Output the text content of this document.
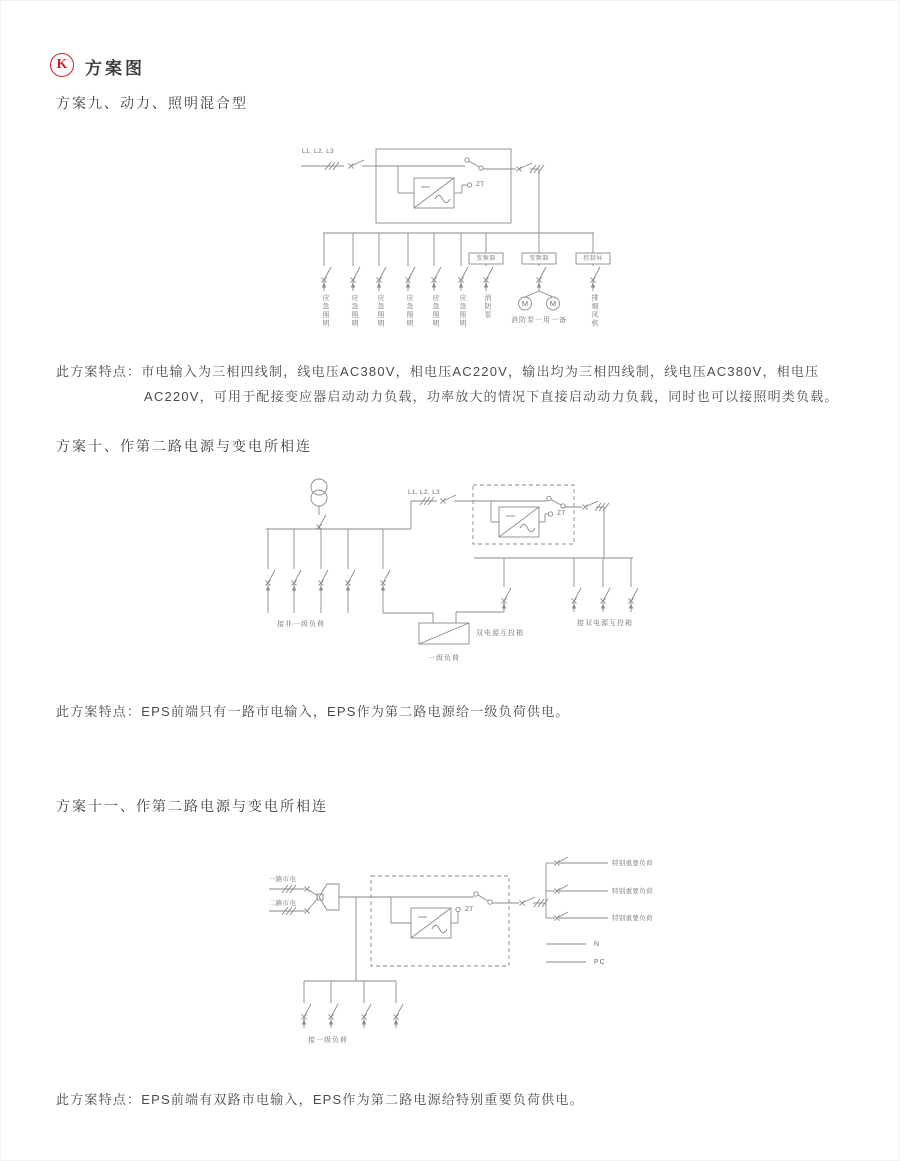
K 方案图
方案九、动力、照明混合型
L1, L2, L3
ZT
变频器	变频器	控制屏
应急照明	应急照明	应急照明	应急照明	应急照明	应急照明	消防泵	M	M
消防泵一用一备	排烟风机
此方案特点：市电输入为三相四线制，线电压AC380V，相电压AC220V，输出均为三相四线制，线电压AC380V，相电压
AC220V，可用于配接变应器启动动力负载，功率放大的情况下直接启动动力负载，同时也可以接照明类负载。
方案十、作第二路电源与变电所相连
L1, L2, L3
ZT
接非一级负荷
双电源互投箱
一级负荷
接双电源互投箱
此方案特点：EPS前端只有一路市电输入，EPS作为第二路电源给一级负荷供电。
方案十一、作第二路电源与变电所相连
一路市电
二路市电
ZT
特别重要负荷
特别重要负荷
特别重要负荷
N
PC
接一级负荷
此方案特点：EPS前端有双路市电输入，EPS作为第二路电源给特别重要负荷供电。
